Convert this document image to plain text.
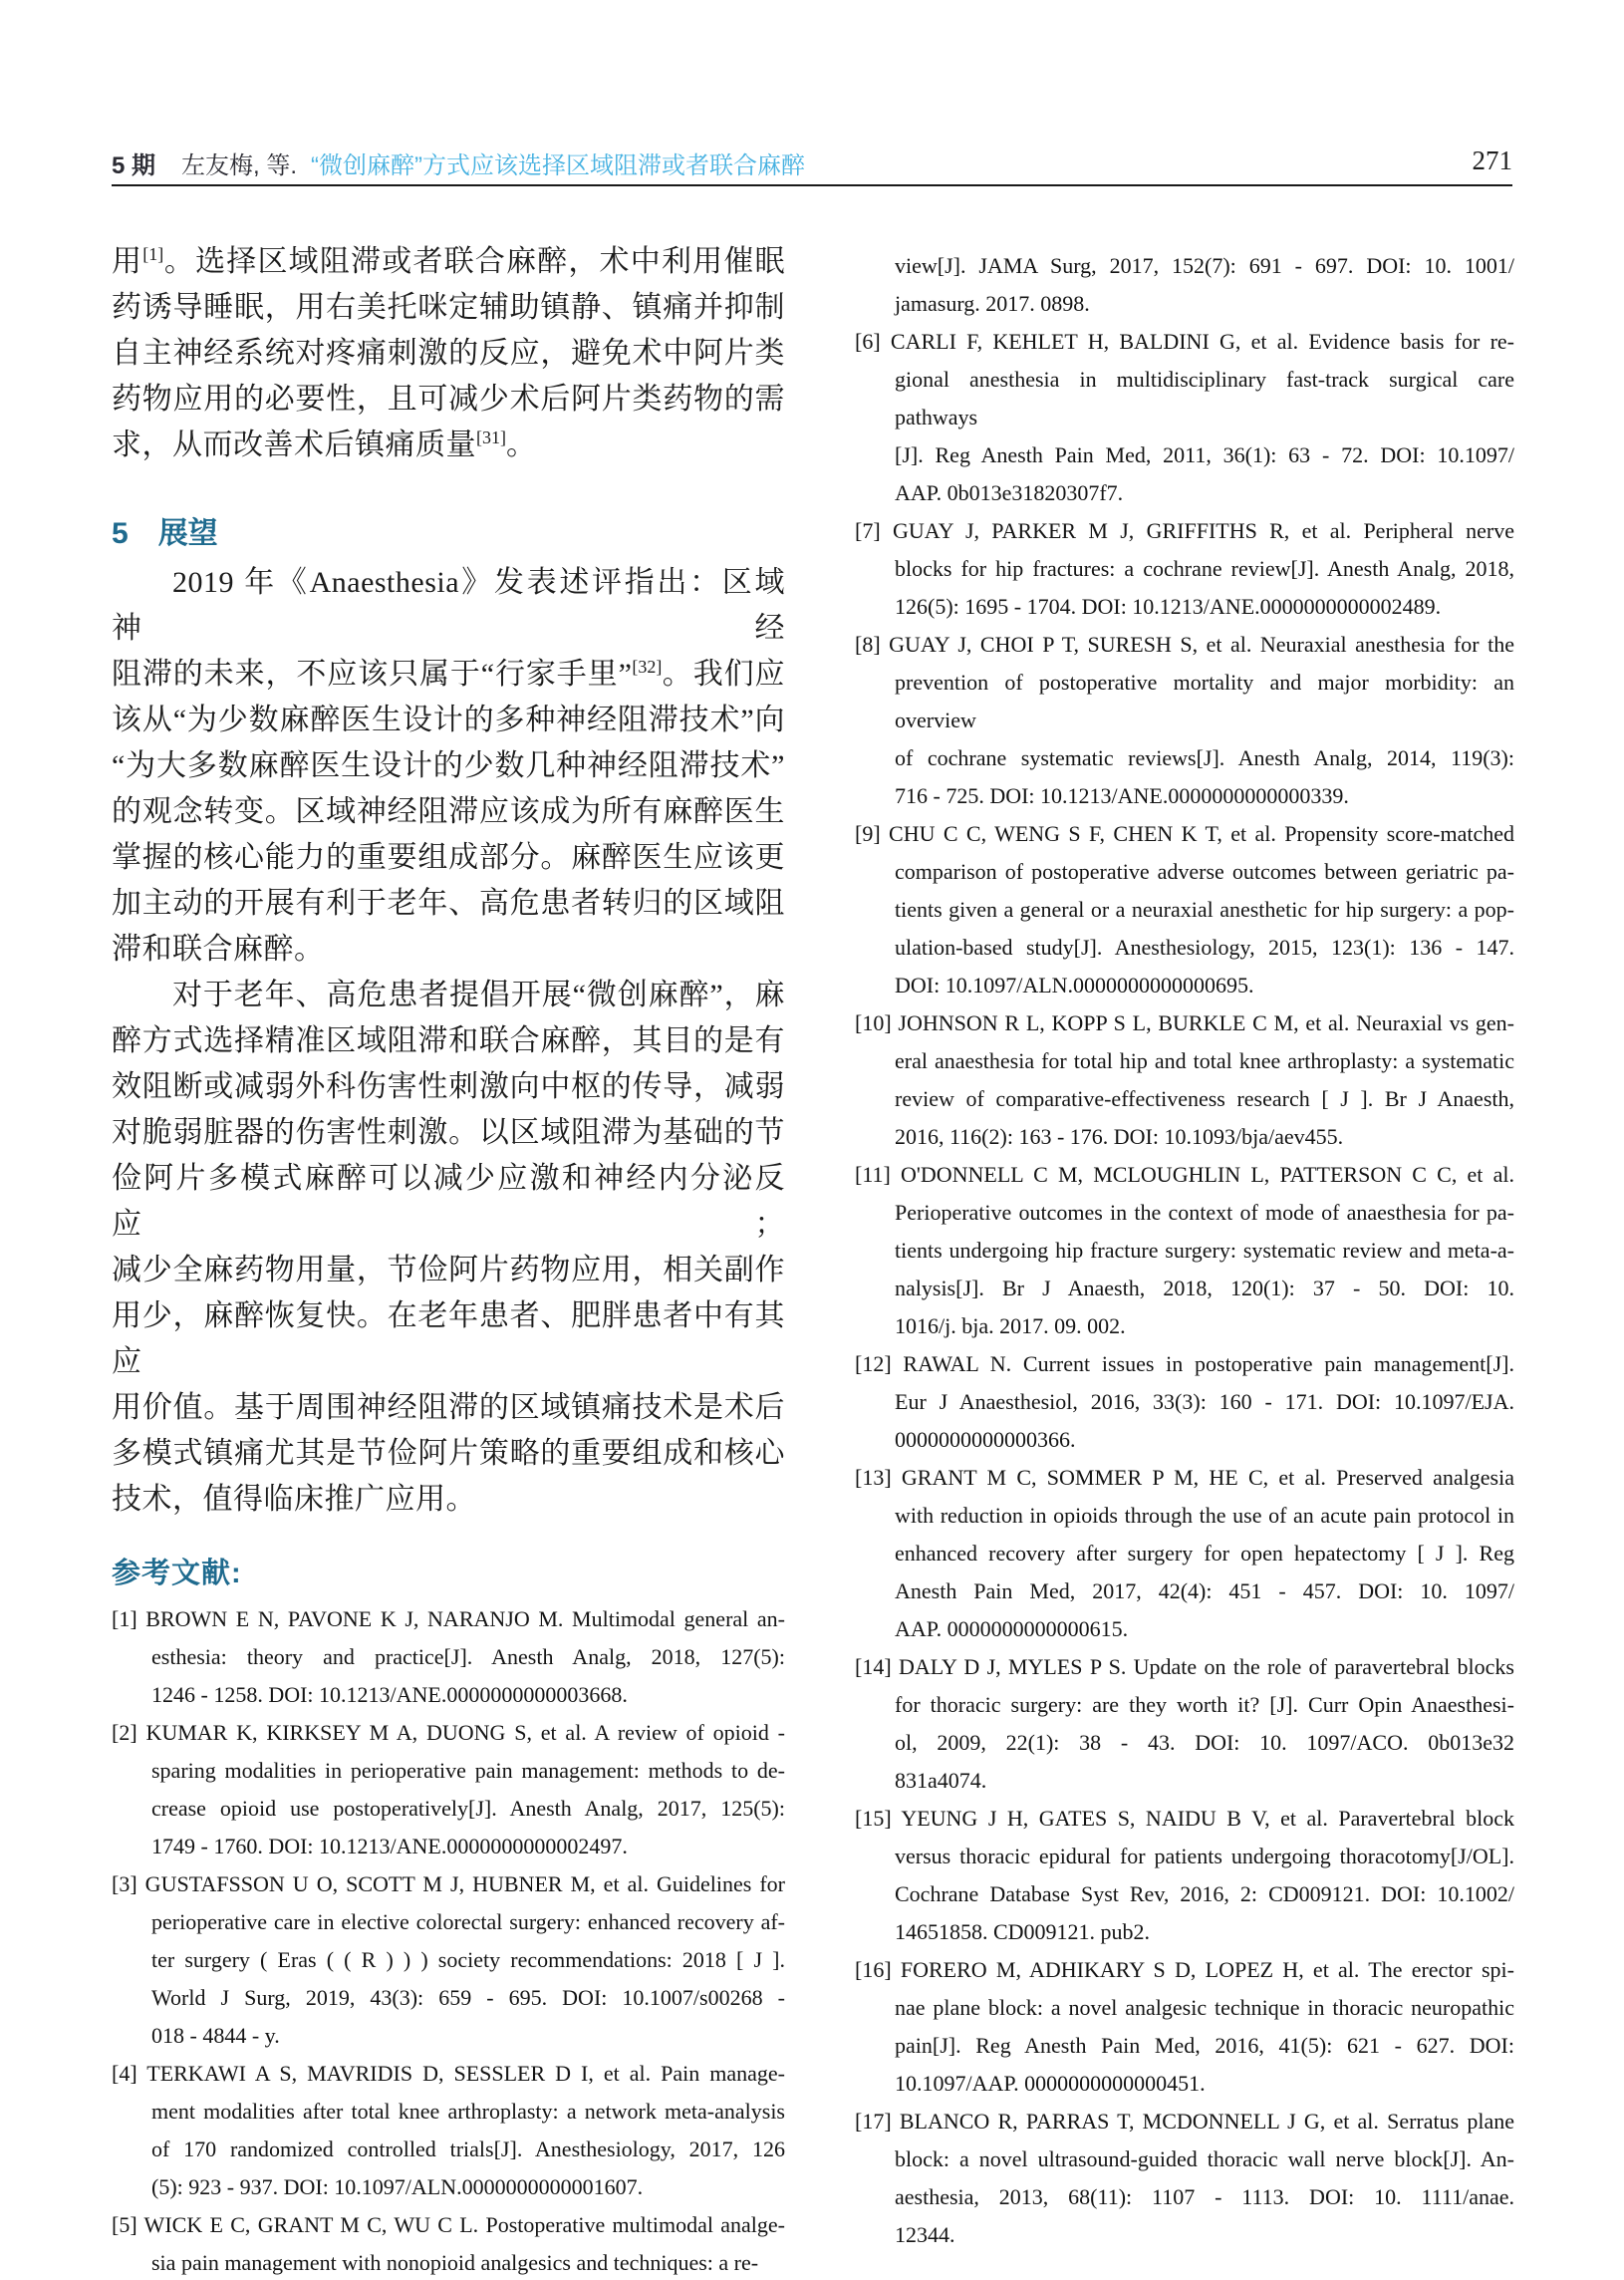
5 期 左友梅, 等. “微创麻醉”方式应该选择区域阻滞或者联合麻醉	271
用[1]。选择区域阻滞或者联合麻醉，术中利用催眠
药诱导睡眠，用右美托咪定辅助镇静、镇痛并抑制
自主神经系统对疼痛刺激的反应，避免术中阿片类
药物应用的必要性，且可减少术后阿片类药物的需
求，从而改善术后镇痛质量[31]。
5 展望
2019 年《Anaesthesia》发表述评指出：区域神经
阻滞的未来，不应该只属于“行家手里”[32]。我们应
该从“为少数麻醉医生设计的多种神经阻滞技术”向
“为大多数麻醉医生设计的少数几种神经阻滞技术”
的观念转变。区域神经阻滞应该成为所有麻醉医生
掌握的核心能力的重要组成部分。麻醉医生应该更
加主动的开展有利于老年、高危患者转归的区域阻
滞和联合麻醉。
对于老年、高危患者提倡开展“微创麻醉”，麻
醉方式选择精准区域阻滞和联合麻醉，其目的是有
效阻断或减弱外科伤害性刺激向中枢的传导，减弱
对脆弱脏器的伤害性刺激。以区域阻滞为基础的节
俭阿片多模式麻醉可以减少应激和神经内分泌反应；
减少全麻药物用量，节俭阿片药物应用，相关副作
用少，麻醉恢复快。在老年患者、肥胖患者中有其应
用价值。基于周围神经阻滞的区域镇痛技术是术后
多模式镇痛尤其是节俭阿片策略的重要组成和核心
技术，值得临床推广应用。
参考文献:
[1] BROWN E N, PAVONE K J, NARANJO M. Multimodal general an-
esthesia: theory and practice[J]. Anesth Analg, 2018, 127(5):
1246 - 1258. DOI: 10.1213/ANE.0000000000003668.
[2] KUMAR K, KIRKSEY M A, DUONG S, et al. A review of opioid -
sparing modalities in perioperative pain management: methods to de-
crease opioid use postoperatively[J]. Anesth Analg, 2017, 125(5):
1749 - 1760. DOI: 10.1213/ANE.0000000000002497.
[3] GUSTAFSSON U O, SCOTT M J, HUBNER M, et al. Guidelines for
perioperative care in elective colorectal surgery: enhanced recovery af-
ter surgery ( Eras ( ( R ) ) ) society recommendations: 2018 [ J ].
World J Surg, 2019, 43(3): 659 - 695. DOI: 10.1007/s00268 -
018 - 4844 - y.
[4] TERKAWI A S, MAVRIDIS D, SESSLER D I, et al. Pain manage-
ment modalities after total knee arthroplasty: a network meta-analysis
of 170 randomized controlled trials[J]. Anesthesiology, 2017, 126
(5): 923 - 937. DOI: 10.1097/ALN.0000000000001607.
[5] WICK E C, GRANT M C, WU C L. Postoperative multimodal analge-
sia pain management with nonopioid analgesics and techniques: a re-
view[J]. JAMA Surg, 2017, 152(7): 691 - 697. DOI: 10. 1001/
jamasurg. 2017. 0898.
[6] CARLI F, KEHLET H, BALDINI G, et al. Evidence basis for re-
gional anesthesia in multidisciplinary fast-track surgical care pathways
[J]. Reg Anesth Pain Med, 2011, 36(1): 63 - 72. DOI: 10.1097/
AAP. 0b013e31820307f7.
[7] GUAY J, PARKER M J, GRIFFITHS R, et al. Peripheral nerve
blocks for hip fractures: a cochrane review[J]. Anesth Analg, 2018,
126(5): 1695 - 1704. DOI: 10.1213/ANE.0000000000002489.
[8] GUAY J, CHOI P T, SURESH S, et al. Neuraxial anesthesia for the
prevention of postoperative mortality and major morbidity: an overview
of cochrane systematic reviews[J]. Anesth Analg, 2014, 119(3):
716 - 725. DOI: 10.1213/ANE.0000000000000339.
[9] CHU C C, WENG S F, CHEN K T, et al. Propensity score-matched
comparison of postoperative adverse outcomes between geriatric pa-
tients given a general or a neuraxial anesthetic for hip surgery: a pop-
ulation-based study[J]. Anesthesiology, 2015, 123(1): 136 - 147.
DOI: 10.1097/ALN.0000000000000695.
[10] JOHNSON R L, KOPP S L, BURKLE C M, et al. Neuraxial vs gen-
eral anaesthesia for total hip and total knee arthroplasty: a systematic
review of comparative-effectiveness research [ J ]. Br J Anaesth,
2016, 116(2): 163 - 176. DOI: 10.1093/bja/aev455.
[11] O'DONNELL C M, MCLOUGHLIN L, PATTERSON C C, et al.
Perioperative outcomes in the context of mode of anaesthesia for pa-
tients undergoing hip fracture surgery: systematic review and meta-a-
nalysis[J]. Br J Anaesth, 2018, 120(1): 37 - 50. DOI: 10.
1016/j. bja. 2017. 09. 002.
[12] RAWAL N. Current issues in postoperative pain management[J].
Eur J Anaesthesiol, 2016, 33(3): 160 - 171. DOI: 10.1097/EJA.
0000000000000366.
[13] GRANT M C, SOMMER P M, HE C, et al. Preserved analgesia
with reduction in opioids through the use of an acute pain protocol in
enhanced recovery after surgery for open hepatectomy [ J ]. Reg
Anesth Pain Med, 2017, 42(4): 451 - 457. DOI: 10. 1097/
AAP. 0000000000000615.
[14] DALY D J, MYLES P S. Update on the role of paravertebral blocks
for thoracic surgery: are they worth it? [J]. Curr Opin Anaesthesi-
ol, 2009, 22(1): 38 - 43. DOI: 10. 1097/ACO. 0b013e32
831a4074.
[15] YEUNG J H, GATES S, NAIDU B V, et al. Paravertebral block
versus thoracic epidural for patients undergoing thoracotomy[J/OL].
Cochrane Database Syst Rev, 2016, 2: CD009121. DOI: 10.1002/
14651858. CD009121. pub2.
[16] FORERO M, ADHIKARY S D, LOPEZ H, et al. The erector spi-
nae plane block: a novel analgesic technique in thoracic neuropathic
pain[J]. Reg Anesth Pain Med, 2016, 41(5): 621 - 627. DOI:
10.1097/AAP. 0000000000000451.
[17] BLANCO R, PARRAS T, MCDONNELL J G, et al. Serratus plane
block: a novel ultrasound-guided thoracic wall nerve block[J]. An-
aesthesia, 2013, 68(11): 1107 - 1113. DOI: 10. 1111/anae.
12344.
